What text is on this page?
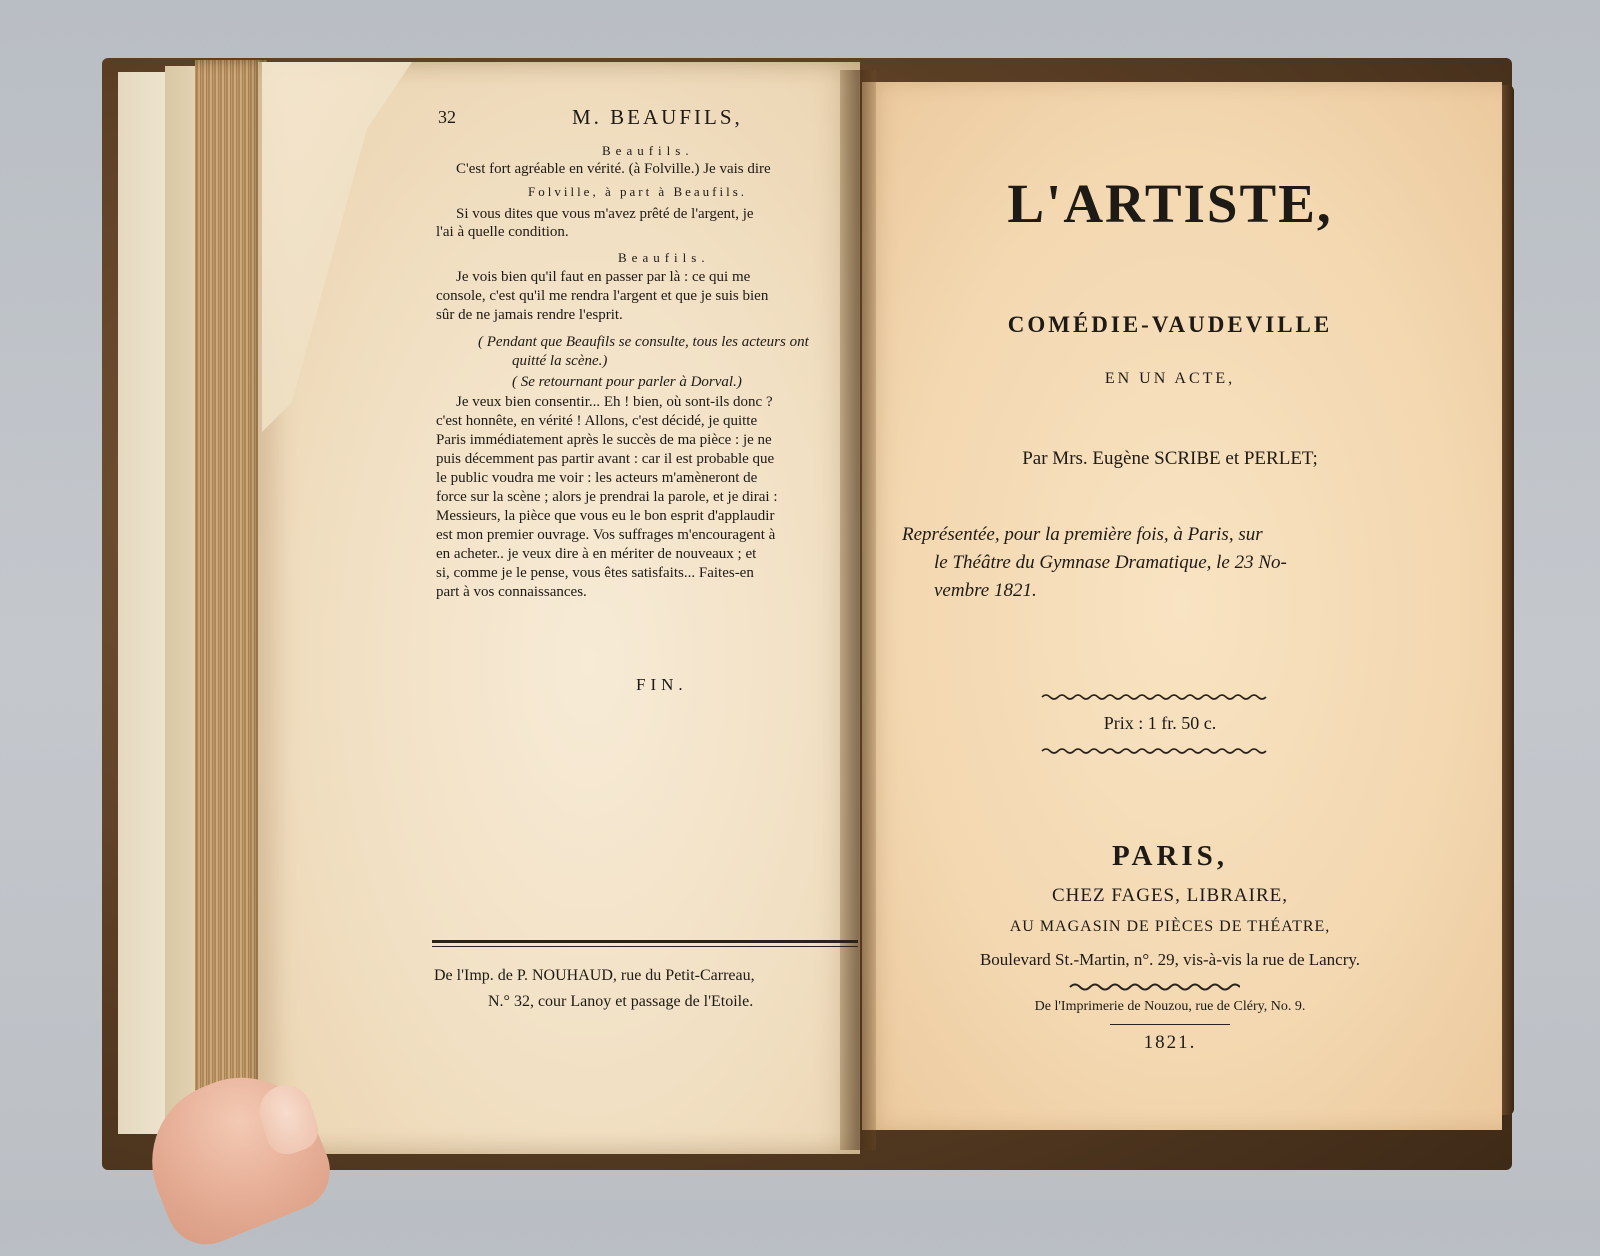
32	M. BEAUFILS,
Beaufils.
C'est fort agréable en vérité. (à Folville.) Je vais dire
Folville, à part à Beaufils.
Si vous dites que vous m'avez prêté de l'argent, je
l'ai à quelle condition.
Beaufils.
Je vois bien qu'il faut en passer par là : ce qui me
console, c'est qu'il me rendra l'argent et que je suis bien
sûr de ne jamais rendre l'esprit.
( Pendant que Beaufils se consulte, tous les acteurs ont
quitté la scène.)
( Se retournant pour parler à Dorval.)
Je veux bien consentir... Eh ! bien, où sont-ils donc ?
c'est honnête, en vérité ! Allons, c'est décidé, je quitte
Paris immédiatement après le succès de ma pièce : je ne
puis décemment pas partir avant : car il est probable que
le public voudra me voir : les acteurs m'amèneront de
force sur la scène ; alors je prendrai la parole, et je dirai :
Messieurs, la pièce que vous eu le bon esprit d'applaudir
est mon premier ouvrage. Vos suffrages m'encouragent à
en acheter.. je veux dire à en mériter de nouveaux ; et
si, comme je le pense, vous êtes satisfaits... Faites-en
part à vos connaissances.
FIN.
De l'Imp. de P. NOUHAUD, rue du Petit-Carreau,
N.° 32, cour Lanoy et passage de l'Etoile.
L'ARTISTE,
COMÉDIE-VAUDEVILLE
EN UN ACTE,
Par Mrs. Eugène SCRIBE et PERLET;
Représentée, pour la première fois, à Paris, sur
le Théâtre du Gymnase Dramatique, le 23 No-
vembre 1821.
Prix : 1 fr. 50 c.
PARIS,
CHEZ FAGES, LIBRAIRE,
AU MAGASIN DE PIÈCES DE THÉATRE,
Boulevard St.-Martin, n°. 29, vis-à-vis la rue de Lancry.
De l'Imprimerie de Nouzou, rue de Cléry, No. 9.
1821.
